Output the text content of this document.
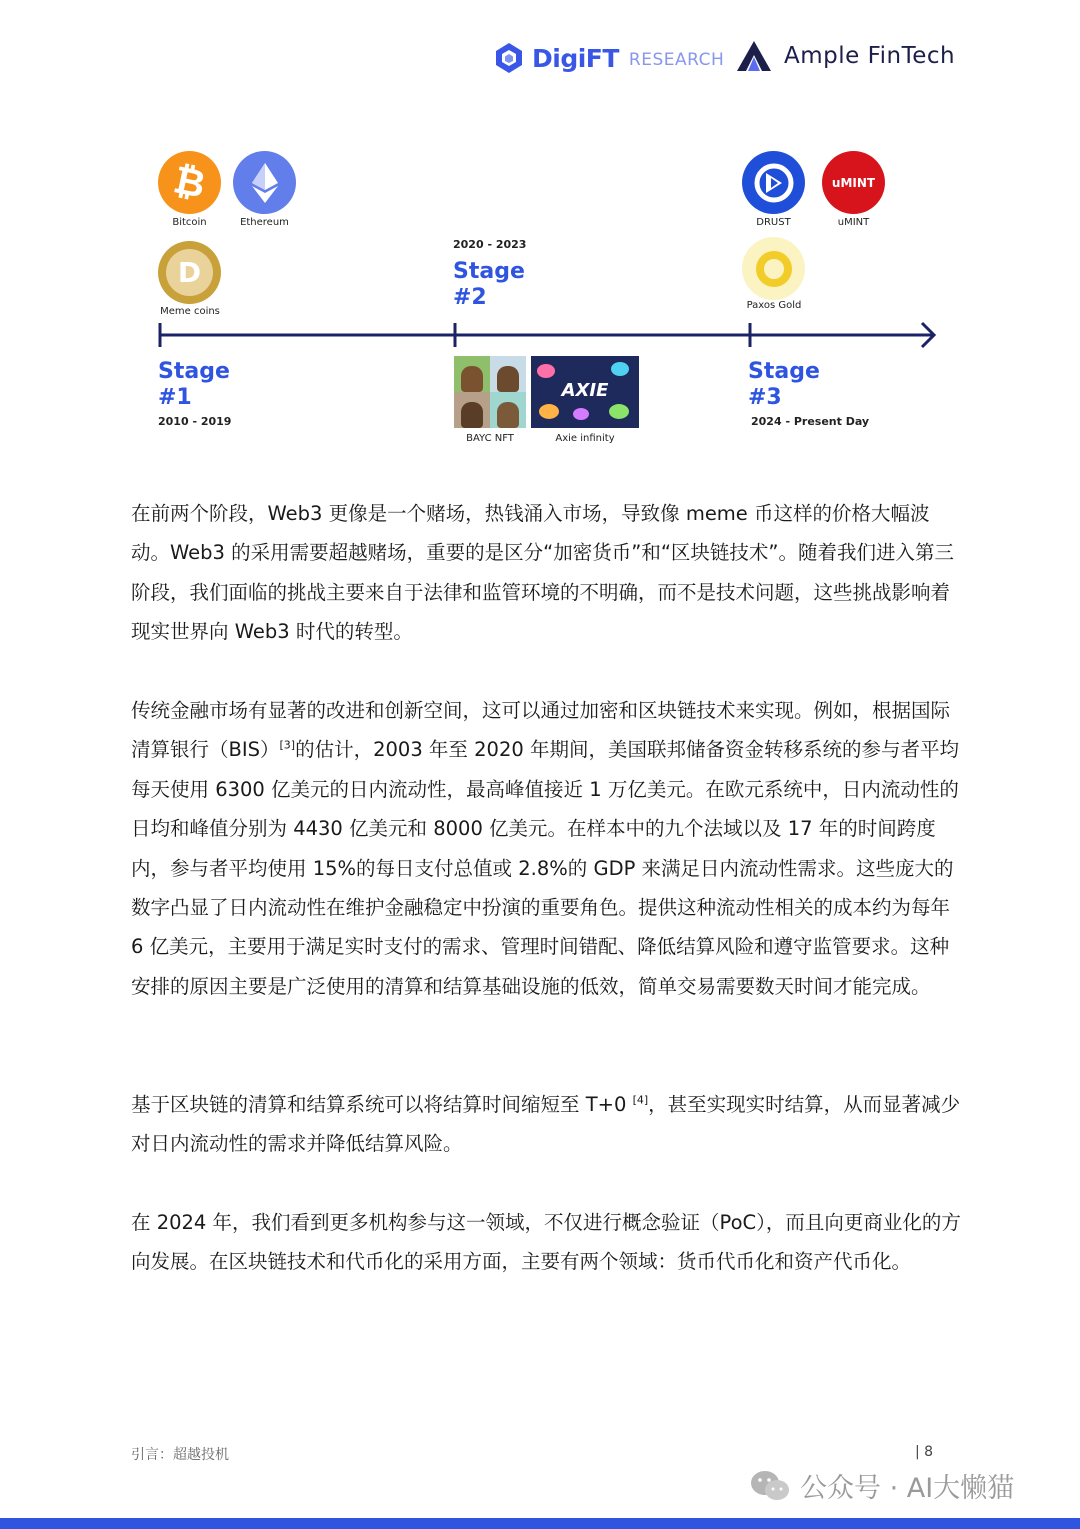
DigiFT RESEARCH	Ample FinTech
₿
Bitcoin	Ethereum
D
Meme coins
DRUST
uMINT
uMINT
Paxos Gold
Stage
#1
2010 - 2019
2020 - 2023
Stage
#2
BAYC NFT
AXIE
Axie infinity
Stage
#3
2024 - Present Day

在前两个阶段，Web3 更像是一个赌场，热钱涌入市场，导致像 meme 币这样的价格大幅波动。Web3 的采用需要超越赌场，重要的是区分“加密货币”和“区块链技术”。随着我们进入第三阶段，我们面临的挑战主要来自于法律和监管环境的不明确，而不是技术问题，这些挑战影响着现实世界向 Web3 时代的转型。

传统金融市场有显著的改进和创新空间，这可以通过加密和区块链技术来实现。例如，根据国际清算银行（BIS）[3]的估计，2003 年至 2020 年期间，美国联邦储备资金转移系统的参与者平均每天使用 6300 亿美元的日内流动性，最高峰值接近 1 万亿美元。在欧元系统中，日内流动性的日均和峰值分别为 4430 亿美元和 8000 亿美元。在样本中的九个法域以及 17 年的时间跨度内，参与者平均使用 15%的每日支付总值或 2.8%的 GDP 来满足日内流动性需求。这些庞大的数字凸显了日内流动性在维护金融稳定中扮演的重要角色。提供这种流动性相关的成本约为每年 6 亿美元，主要用于满足实时支付的需求、管理时间错配、降低结算风险和遵守监管要求。这种安排的原因主要是广泛使用的清算和结算基础设施的低效，简单交易需要数天时间才能完成。

基于区块链的清算和结算系统可以将结算时间缩短至 T+0 [4]，甚至实现实时结算，从而显著减少对日内流动性的需求并降低结算风险。

在 2024 年，我们看到更多机构参与这一领域，不仅进行概念验证（PoC），而且向更商业化的方向发展。在区块链技术和代币化的采用方面，主要有两个领域：货币代币化和资产代币化。

引言：超越投机	| 8
公众号 · AI大懒猫
